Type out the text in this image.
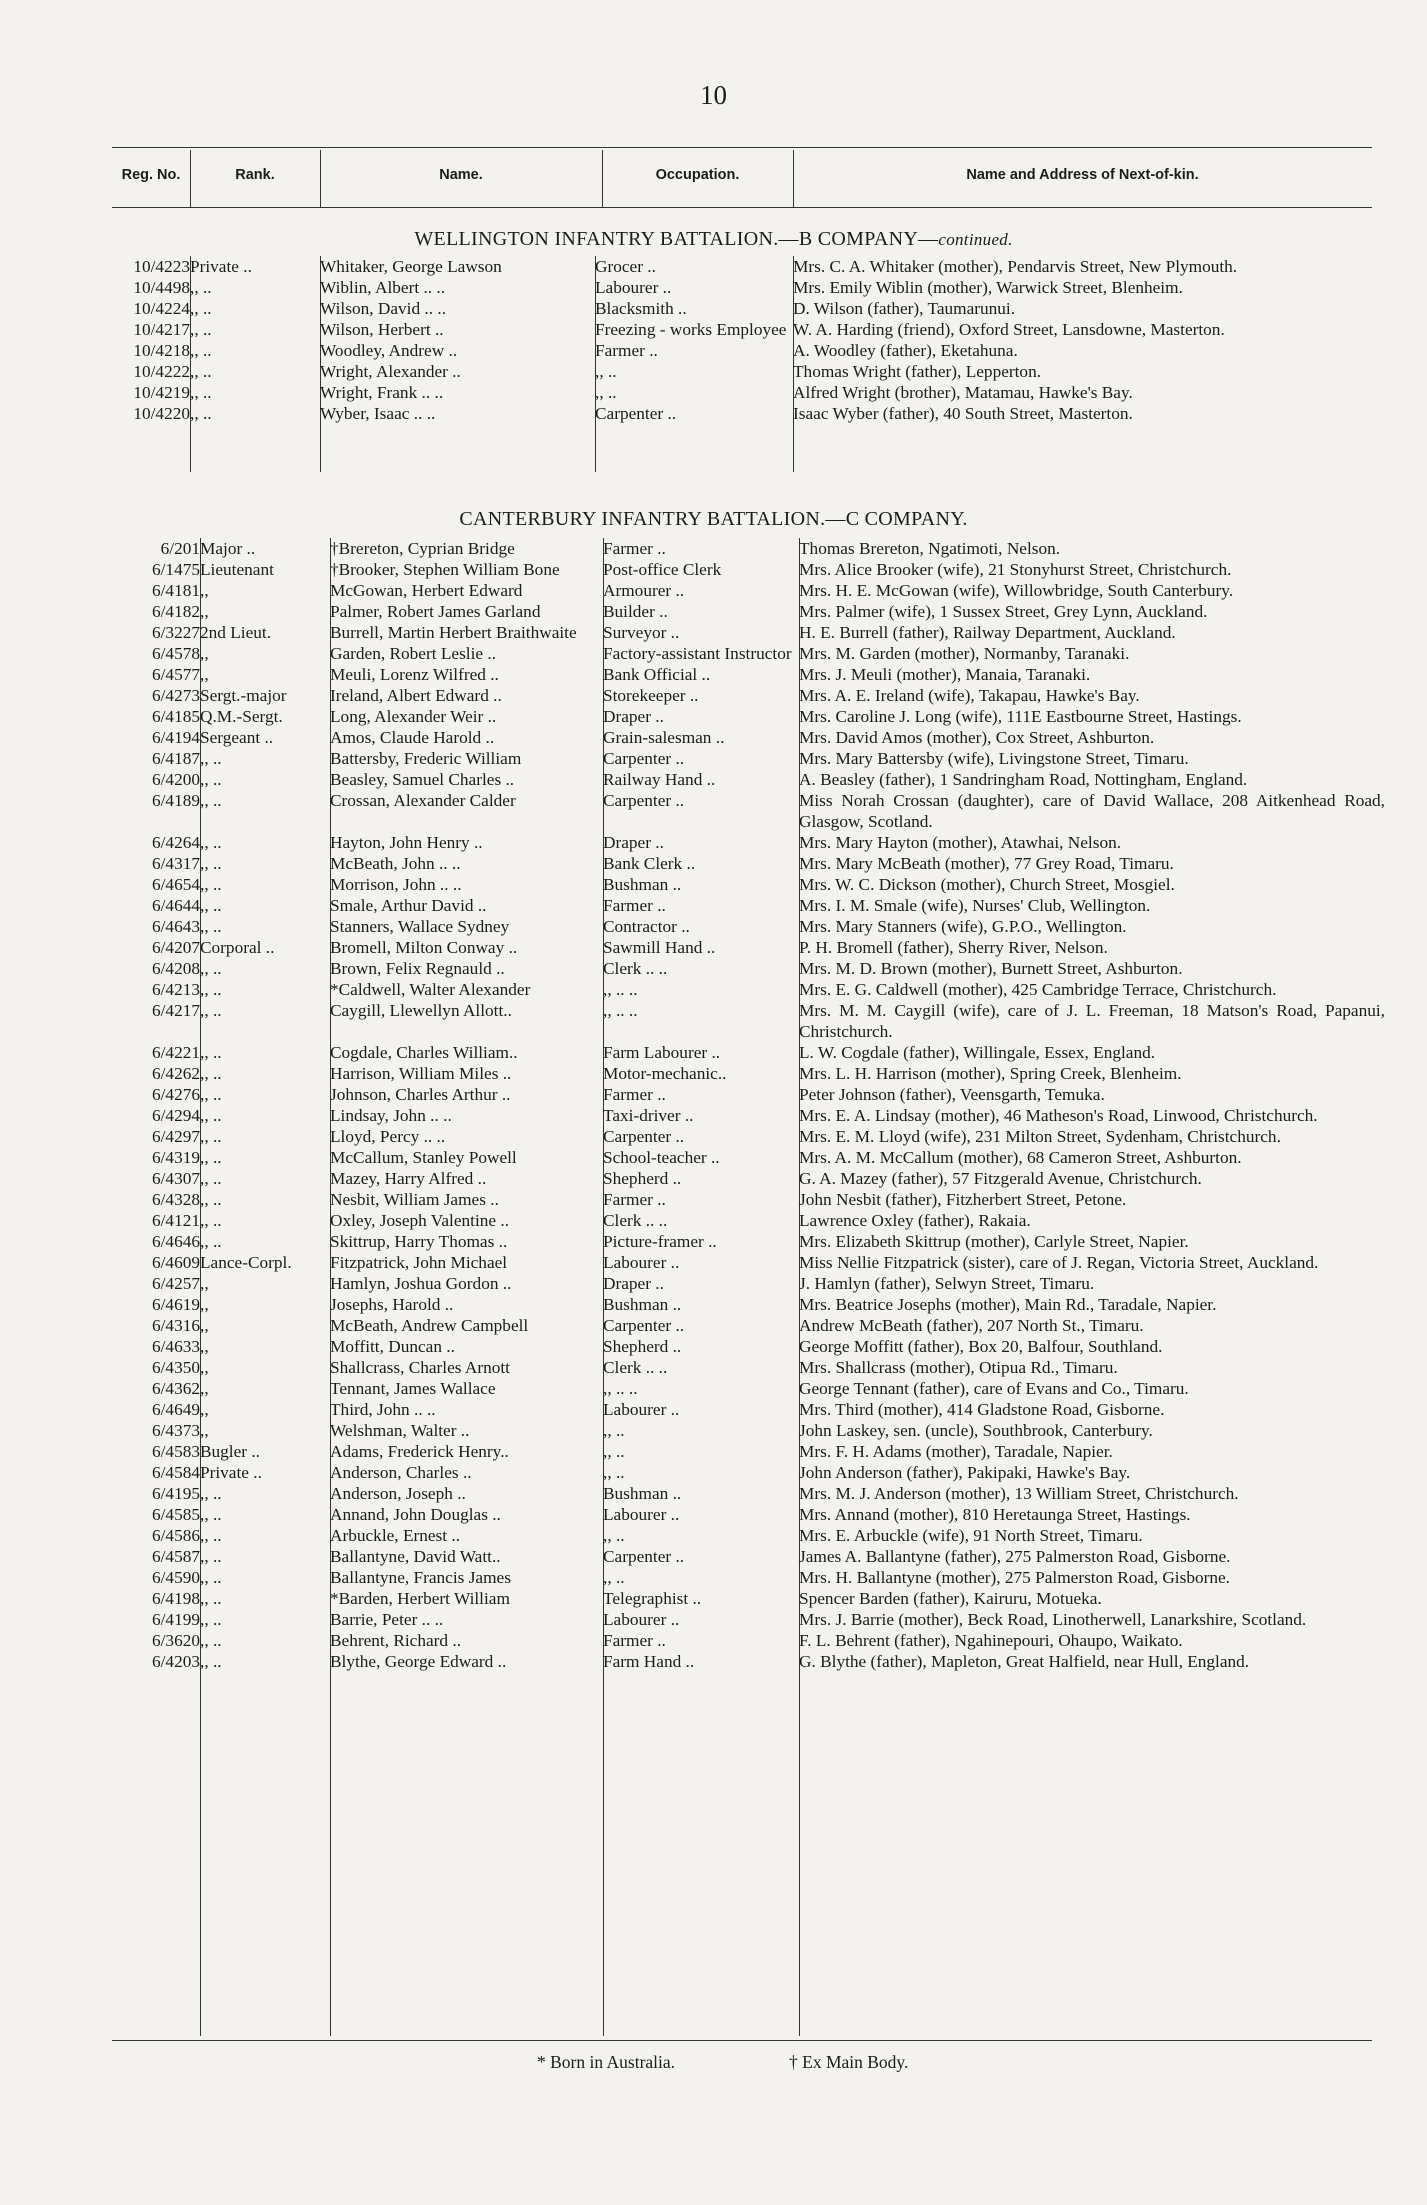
10
Reg. No.	Rank.	Name.	Occupation.	Name and Address of Next-of-kin.
WELLINGTON INFANTRY BATTALION.—B COMPANY—continued.
10/4223	Private ..	Whitaker, George Lawson	Grocer ..	Mrs. C. A. Whitaker (mother), Pendarvis Street, New Plymouth.
10/4498	,, ..	Wiblin, Albert .. ..	Labourer ..	Mrs. Emily Wiblin (mother), Warwick Street, Blenheim.
10/4224	,, ..	Wilson, David .. ..	Blacksmith ..	D. Wilson (father), Taumarunui.
10/4217	,, ..	Wilson, Herbert ..	Freezing - works Employee	W. A. Harding (friend), Oxford Street, Lansdowne, Masterton.
10/4218	,, ..	Woodley, Andrew ..	Farmer ..	A. Woodley (father), Eketahuna.
10/4222	,, ..	Wright, Alexander ..	,, ..	Thomas Wright (father), Lepperton.
10/4219	,, ..	Wright, Frank .. ..	,, ..	Alfred Wright (brother), Matamau, Hawke's Bay.
10/4220	,, ..	Wyber, Isaac .. ..	Carpenter ..	Isaac Wyber (father), 40 South Street, Masterton.
CANTERBURY INFANTRY BATTALION.—C COMPANY.
6/201	Major ..	†Brereton, Cyprian Bridge	Farmer ..	Thomas Brereton, Ngatimoti, Nelson.
6/1475	Lieutenant	†Brooker, Stephen William Bone	Post-office Clerk	Mrs. Alice Brooker (wife), 21 Stonyhurst Street, Christchurch.
6/4181	,,	McGowan, Herbert Edward	Armourer ..	Mrs. H. E. McGowan (wife), Willowbridge, South Canterbury.
6/4182	,,	Palmer, Robert James Garland	Builder ..	Mrs. Palmer (wife), 1 Sussex Street, Grey Lynn, Auckland.
6/3227	2nd Lieut.	Burrell, Martin Herbert Braithwaite	Surveyor ..	H. E. Burrell (father), Railway Department, Auckland.
6/4578	,,	Garden, Robert Leslie ..	Factory-assistant Instructor	Mrs. M. Garden (mother), Normanby, Taranaki.
6/4577	,,	Meuli, Lorenz Wilfred ..	Bank Official ..	Mrs. J. Meuli (mother), Manaia, Taranaki.
6/4273	Sergt.-major	Ireland, Albert Edward ..	Storekeeper ..	Mrs. A. E. Ireland (wife), Takapau, Hawke's Bay.
6/4185	Q.M.-Sergt.	Long, Alexander Weir ..	Draper ..	Mrs. Caroline J. Long (wife), 111E Eastbourne Street, Hastings.
6/4194	Sergeant ..	Amos, Claude Harold ..	Grain-salesman ..	Mrs. David Amos (mother), Cox Street, Ashburton.
6/4187	,, ..	Battersby, Frederic William	Carpenter ..	Mrs. Mary Battersby (wife), Livingstone Street, Timaru.
6/4200	,, ..	Beasley, Samuel Charles ..	Railway Hand ..	A. Beasley (father), 1 Sandringham Road, Nottingham, England.
6/4189	,, ..	Crossan, Alexander Calder	Carpenter ..	Miss Norah Crossan (daughter), care of David Wallace, 208 Aitkenhead Road, Glasgow, Scotland.
6/4264	,, ..	Hayton, John Henry ..	Draper ..	Mrs. Mary Hayton (mother), Atawhai, Nelson.
6/4317	,, ..	McBeath, John .. ..	Bank Clerk ..	Mrs. Mary McBeath (mother), 77 Grey Road, Timaru.
6/4654	,, ..	Morrison, John .. ..	Bushman ..	Mrs. W. C. Dickson (mother), Church Street, Mosgiel.
6/4644	,, ..	Smale, Arthur David ..	Farmer ..	Mrs. I. M. Smale (wife), Nurses' Club, Wellington.
6/4643	,, ..	Stanners, Wallace Sydney	Contractor ..	Mrs. Mary Stanners (wife), G.P.O., Wellington.
6/4207	Corporal ..	Bromell, Milton Conway ..	Sawmill Hand ..	P. H. Bromell (father), Sherry River, Nelson.
6/4208	,, ..	Brown, Felix Regnauld ..	Clerk .. ..	Mrs. M. D. Brown (mother), Burnett Street, Ashburton.
6/4213	,, ..	*Caldwell, Walter Alexander	,, .. ..	Mrs. E. G. Caldwell (mother), 425 Cambridge Terrace, Christchurch.
6/4217	,, ..	Caygill, Llewellyn Allott..	,, .. ..	Mrs. M. M. Caygill (wife), care of J. L. Freeman, 18 Matson's Road, Papanui, Christchurch.
6/4221	,, ..	Cogdale, Charles William..	Farm Labourer ..	L. W. Cogdale (father), Willingale, Essex, England.
6/4262	,, ..	Harrison, William Miles ..	Motor-mechanic..	Mrs. L. H. Harrison (mother), Spring Creek, Blenheim.
6/4276	,, ..	Johnson, Charles Arthur ..	Farmer ..	Peter Johnson (father), Veensgarth, Temuka.
6/4294	,, ..	Lindsay, John .. ..	Taxi-driver ..	Mrs. E. A. Lindsay (mother), 46 Matheson's Road, Linwood, Christchurch.
6/4297	,, ..	Lloyd, Percy .. ..	Carpenter ..	Mrs. E. M. Lloyd (wife), 231 Milton Street, Sydenham, Christchurch.
6/4319	,, ..	McCallum, Stanley Powell	School-teacher ..	Mrs. A. M. McCallum (mother), 68 Cameron Street, Ashburton.
6/4307	,, ..	Mazey, Harry Alfred ..	Shepherd ..	G. A. Mazey (father), 57 Fitzgerald Avenue, Christchurch.
6/4328	,, ..	Nesbit, William James ..	Farmer ..	John Nesbit (father), Fitzherbert Street, Petone.
6/4121	,, ..	Oxley, Joseph Valentine ..	Clerk .. ..	Lawrence Oxley (father), Rakaia.
6/4646	,, ..	Skittrup, Harry Thomas ..	Picture-framer ..	Mrs. Elizabeth Skittrup (mother), Carlyle Street, Napier.
6/4609	Lance-Corpl.	Fitzpatrick, John Michael	Labourer ..	Miss Nellie Fitzpatrick (sister), care of J. Regan, Victoria Street, Auckland.
6/4257	,,	Hamlyn, Joshua Gordon ..	Draper ..	J. Hamlyn (father), Selwyn Street, Timaru.
6/4619	,,	Josephs, Harold ..	Bushman ..	Mrs. Beatrice Josephs (mother), Main Rd., Taradale, Napier.
6/4316	,,	McBeath, Andrew Campbell	Carpenter ..	Andrew McBeath (father), 207 North St., Timaru.
6/4633	,,	Moffitt, Duncan ..	Shepherd ..	George Moffitt (father), Box 20, Balfour, Southland.
6/4350	,,	Shallcrass, Charles Arnott	Clerk .. ..	Mrs. Shallcrass (mother), Otipua Rd., Timaru.
6/4362	,,	Tennant, James Wallace	,, .. ..	George Tennant (father), care of Evans and Co., Timaru.
6/4649	,,	Third, John .. ..	Labourer ..	Mrs. Third (mother), 414 Gladstone Road, Gisborne.
6/4373	,,	Welshman, Walter ..	,, ..	John Laskey, sen. (uncle), Southbrook, Canterbury.
6/4583	Bugler ..	Adams, Frederick Henry..	,, ..	Mrs. F. H. Adams (mother), Taradale, Napier.
6/4584	Private ..	Anderson, Charles ..	,, ..	John Anderson (father), Pakipaki, Hawke's Bay.
6/4195	,, ..	Anderson, Joseph ..	Bushman ..	Mrs. M. J. Anderson (mother), 13 William Street, Christchurch.
6/4585	,, ..	Annand, John Douglas ..	Labourer ..	Mrs. Annand (mother), 810 Heretaunga Street, Hastings.
6/4586	,, ..	Arbuckle, Ernest ..	,, ..	Mrs. E. Arbuckle (wife), 91 North Street, Timaru.
6/4587	,, ..	Ballantyne, David Watt..	Carpenter ..	James A. Ballantyne (father), 275 Palmerston Road, Gisborne.
6/4590	,, ..	Ballantyne, Francis James	,, ..	Mrs. H. Ballantyne (mother), 275 Palmerston Road, Gisborne.
6/4198	,, ..	*Barden, Herbert William	Telegraphist ..	Spencer Barden (father), Kairuru, Motueka.
6/4199	,, ..	Barrie, Peter .. ..	Labourer ..	Mrs. J. Barrie (mother), Beck Road, Linotherwell, Lanarkshire, Scotland.
6/3620	,, ..	Behrent, Richard ..	Farmer ..	F. L. Behrent (father), Ngahinepouri, Ohaupo, Waikato.
6/4203	,, ..	Blythe, George Edward ..	Farm Hand ..	G. Blythe (father), Mapleton, Great Halfield, near Hull, England.
* Born in Australia.	† Ex Main Body.
